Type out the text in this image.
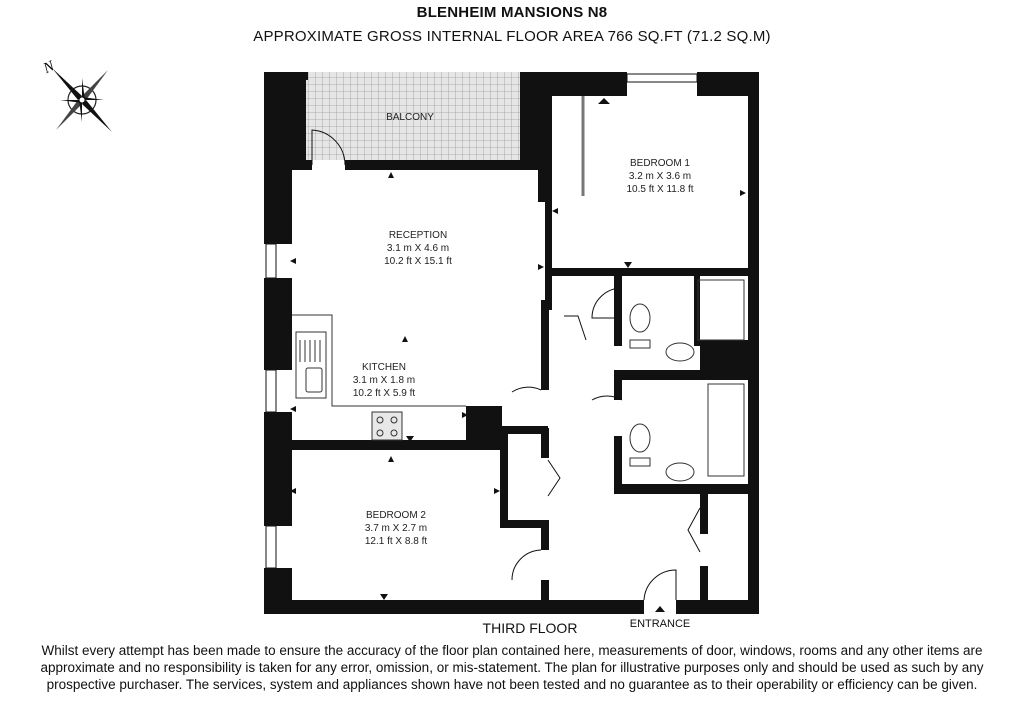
BLENHEIM MANSIONS N8
APPROXIMATE GROSS INTERNAL FLOOR AREA 766 SQ.FT (71.2 SQ.M)
N
BALCONY
BEDROOM 1
3.2 m X 3.6 m
10.5 ft X 11.8 ft
RECEPTION
3.1 m X 4.6 m
10.2 ft X 15.1 ft
KITCHEN
3.1 m X 1.8 m
10.2 ft X 5.9 ft
BEDROOM 2
3.7 m X 2.7 m
12.1 ft X 8.8 ft
THIRD FLOOR	ENTRANCE
Whilst every attempt has been made to ensure the accuracy of the floor plan contained here, measurements of door, windows, rooms and any other items are approximate and no responsibility is taken for any error, omission, or mis-statement. The plan for illustrative purposes only and should be used as such by any prospective purchaser. The services, system and appliances shown have not been tested and no guarantee as to their operability or efficiency can be given.
